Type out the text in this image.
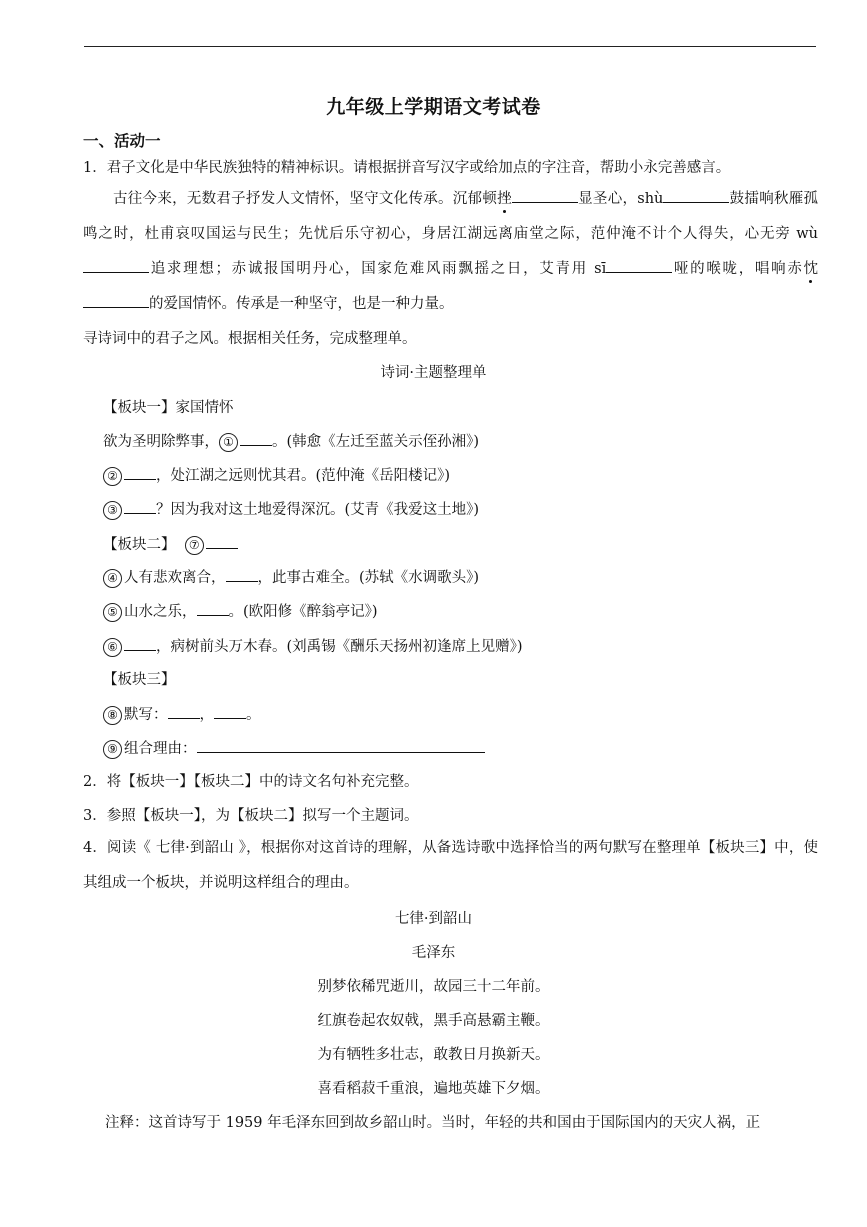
九年级上学期语文考试卷
一、活动一
1．君子文化是中华民族独特的精神标识。请根据拼音写汉字或给加点的字注音，帮助小永完善感言。
古往今来，无数君子抒发人文情怀，坚守文化传承。沉郁顿挫	显圣心，shù	鼓擂响秋雁孤鸣之时，杜甫哀叹国运与民生；先忧后乐守初心，身居江湖远离庙堂之际，范仲淹不计个人得失，心无旁 wù追求理想；赤诚报国明丹心，国家危难风雨飘摇之日，艾青用 sī	哑的喉咙，唱响赤忱的爱国情怀。传承是一种坚守，也是一种力量。
寻诗词中的君子之风。根据相关任务，完成整理单。
诗词·主题整理单
【板块一】家国情怀
欲为圣明除弊事， ①	。(韩愈《左迁至蓝关示侄孙湘》)
②	，处江湖之远则忧其君。(范仲淹《岳阳楼记》)
③	？因为我对这土地爱得深沉。(艾青《我爱这土地》)
【板块二】 ⑦
④ 人有悲欢离合， ，此事古难全。(苏轼《水调歌头》)
⑤ 山水之乐， 。(欧阳修《醉翁亭记》)
⑥	，病树前头万木春。(刘禹锡《酬乐天扬州初逢席上见赠》)
【板块三】
⑧ 默写： ， 。
⑨ 组合理由：
2．将【板块一】【板块二】中的诗文名句补充完整。
3．参照【板块一】，为【板块二】拟写一个主题词。
4．阅读《 七律·到韶山 》，根据你对这首诗的理解，从备选诗歌中选择恰当的两句默写在整理单【板块三】中，使其组成一个板块，并说明这样组合的理由。
七律·到韶山
毛泽东
别梦依稀咒逝川，故园三十二年前。
红旗卷起农奴戟，黑手高悬霸主鞭。
为有牺牲多壮志，敢教日月换新天。
喜看稻菽千重浪，遍地英雄下夕烟。
注释：这首诗写于 1959 年毛泽东回到故乡韶山时。当时，年轻的共和国由于国际国内的天灾人祸，正
